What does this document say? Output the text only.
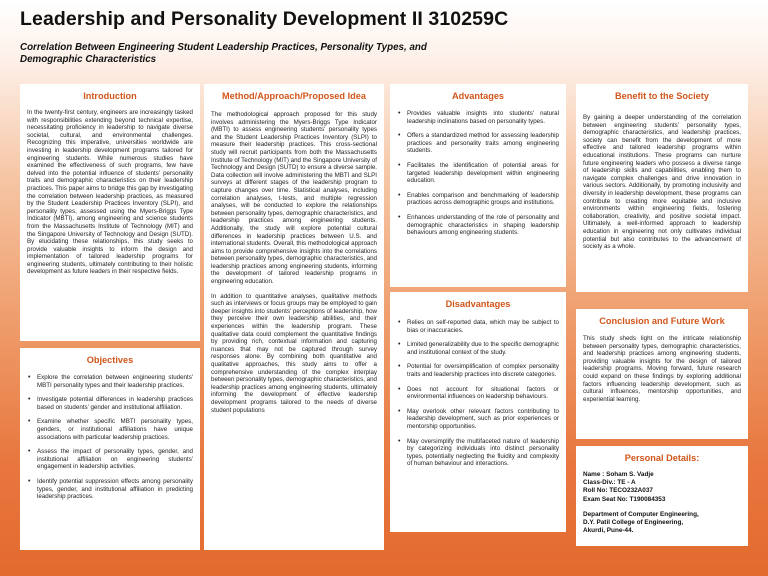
Leadership and Personality Development II 310259C

Correlation Between Engineering Student Leadership Practices, Personality Types, and Demographic Characteristics

Introduction

In the twenty-first century, engineers are increasingly tasked with responsibilities extending beyond technical expertise, necessitating proficiency in leadership to navigate diverse societal, cultural, and environmental challenges. Recognizing this imperative, universities worldwide are investing in leadership development programs tailored for engineering students. While numerous studies have examined the effectiveness of such programs, few have delved into the potential influence of students' personality traits and demographic characteristics on their leadership practices. This paper aims to bridge this gap by investigating the correlation between leadership practices, as measured by the Student Leadership Practices Inventory (SLPI), and personality types, assessed using the Myers-Briggs Type Indicator (MBTI), among engineering and science students from the Massachusetts Institute of Technology (MIT) and the Singapore University of Technology and Design (SUTD). By elucidating these relationships, this study seeks to provide valuable insights to inform the design and implementation of tailored leadership programs for engineering students, ultimately contributing to their holistic development as future leaders in their respective fields.

Objectives
• Explore the correlation between engineering students' MBTI personality types and their leadership practices.
• Investigate potential differences in leadership practices based on students' gender and institutional affiliation.
• Examine whether specific MBTI personality types, genders, or institutional affiliations have unique associations with particular leadership practices.
• Assess the impact of personality types, gender, and institutional affiliation on engineering students' engagement in leadership activities.
• Identify potential suppression effects among personality types, gender, and institutional affiliation in predicting leadership practices.
Method/Approach/Proposed Idea

The methodological approach proposed for this study involves administering the Myers-Briggs Type Indicator (MBTI) to assess engineering students' personality types and the Student Leadership Practices Inventory (SLPI) to measure their leadership practices. This cross-sectional study will recruit participants from both the Massachusetts Institute of Technology (MIT) and the Singapore University of Technology and Design (SUTD) to ensure a diverse sample. Data collection will involve administering the MBTI and SLPI surveys at different stages of the leadership program to capture changes over time. Statistical analyses, including correlation analyses, t-tests, and multiple regression analyses, will be conducted to explore the relationships between personality types, demographic characteristics, and leadership practices among engineering students. Additionally, the study will explore potential cultural differences in leadership practices between U.S. and international students. Overall, this methodological approach aims to provide comprehensive insights into the correlations between personality types, demographic characteristics, and leadership practices among engineering students, informing the development of tailored leadership programs in engineering education.

In addition to quantitative analyses, qualitative methods such as interviews or focus groups may be employed to gain deeper insights into students' perceptions of leadership, how they perceive their own leadership abilities, and their experiences within the leadership program. These qualitative data could complement the quantitative findings by providing rich, contextual information and capturing nuances that may not be captured through survey responses alone. By combining both quantitative and qualitative approaches, this study aims to offer a comprehensive understanding of the complex interplay between personality types, demographic characteristics, and leadership practices among engineering students, ultimately informing the development of effective leadership development programs tailored to the needs of diverse student populations

Advantages
• Provides valuable insights into students' natural leadership inclinations based on personality types.
• Offers a standardized method for assessing leadership practices and personality traits among engineering students.
• Facilitates the identification of potential areas for targeted leadership development within engineering education.
• Enables comparison and benchmarking of leadership practices across demographic groups and institutions.
• Enhances understanding of the role of personality and demographic characteristics in shaping leadership behaviours among engineering students.
Disadvantages
• Relies on self-reported data, which may be subject to bias or inaccuracies.
• Limited generalizability due to the specific demographic and institutional context of the study.
• Potential for oversimplification of complex personality traits and leadership practices into discrete categories.
• Does not account for situational factors or environmental influences on leadership behaviours.
• May overlook other relevant factors contributing to leadership development, such as prior experiences or mentorship opportunities.
• May oversimplify the multifaceted nature of leadership by categorizing individuals into distinct personality types, potentially neglecting the fluidity and complexity of human behaviour and interactions.
Benefit to the Society

By gaining a deeper understanding of the correlation between engineering students' personality types, demographic characteristics, and leadership practices, society can benefit from the development of more effective and tailored leadership programs within educational institutions. These programs can nurture future engineering leaders who possess a diverse range of leadership skills and capabilities, enabling them to navigate complex challenges and drive innovation in various sectors. Additionally, by promoting inclusivity and diversity in leadership development, these programs can contribute to creating more equitable and inclusive environments within engineering fields, fostering collaboration, creativity, and positive societal impact. Ultimately, a well-informed approach to leadership education in engineering not only cultivates individual potential but also contributes to the advancement of society as a whole.

Conclusion and Future Work

This study sheds light on the intricate relationship between personality types, demographic characteristics, and leadership practices among engineering students, providing valuable insights for the design of tailored leadership programs. Moving forward, future research could expand on these findings by exploring additional factors influencing leadership development, such as cultural influences, mentorship opportunities, and experiential learning.

Personal Details:

Name : Soham S. Vadje

Class-Div.: TE - A

Roll No: TECO232A037

Exam Seat No: T190084353

Department of Computer Engineering,

D.Y. Patil College of Engineering,

Akurdi, Pune-44.
